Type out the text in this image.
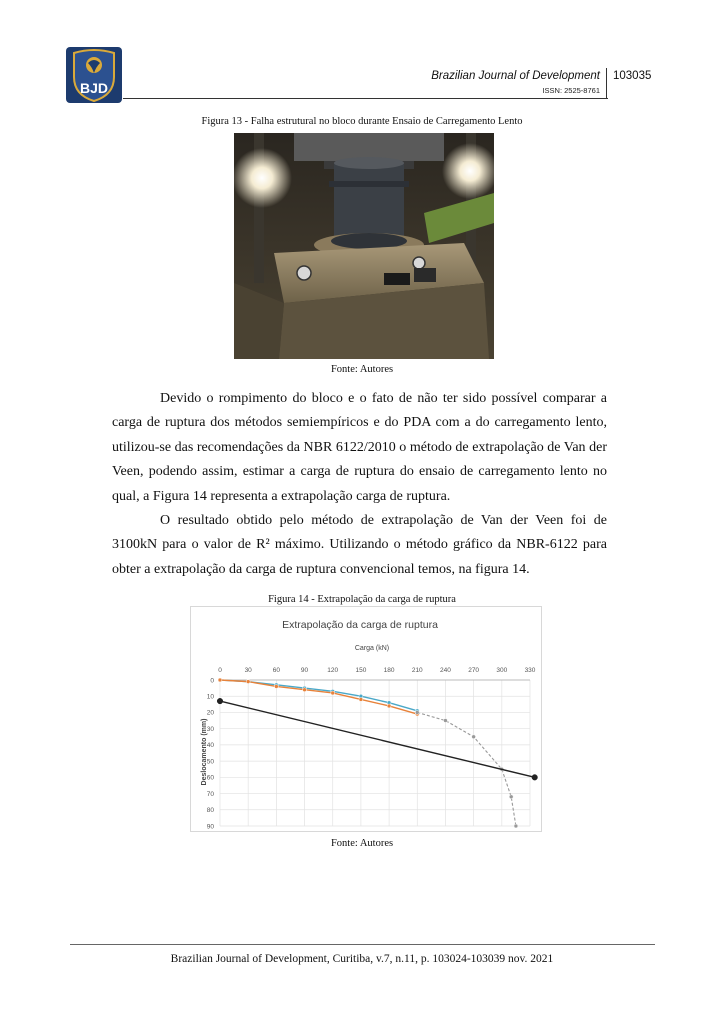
BJD
Brazilian Journal of Development
ISSN: 2525-8761
103035
Figura 13 - Falha estrutural no bloco durante Ensaio de Carregamento Lento
Fonte: Autores

Devido o rompimento do bloco e o fato de não ter sido possível comparar a carga de ruptura dos métodos semiempíricos e do PDA com a do carregamento lento, utilizou-se das recomendações da NBR 6122/2010 o método de extrapolação de Van der Veen, podendo assim, estimar a carga de ruptura do ensaio de carregamento lento no qual, a Figura 14 representa a extrapolação carga de ruptura.

O resultado obtido pelo método de extrapolação de Van der Veen foi de 3100kN para o valor de R² máximo. Utilizando o método gráfico da NBR-6122 para obter a extrapolação da carga de ruptura convencional temos, na figura 14.

Figura 14 - Extrapolação da carga de ruptura
Extrapolação da carga de ruptura
Carga (kN)
Deslocamento (mm)
0	30	60	90	120	150	180	210	240	270	300	330
0
10
20
30
40
50
60
70
80
90
Fonte: Autores
Brazilian Journal of Development, Curitiba, v.7, n.11, p. 103024-103039 nov. 2021
